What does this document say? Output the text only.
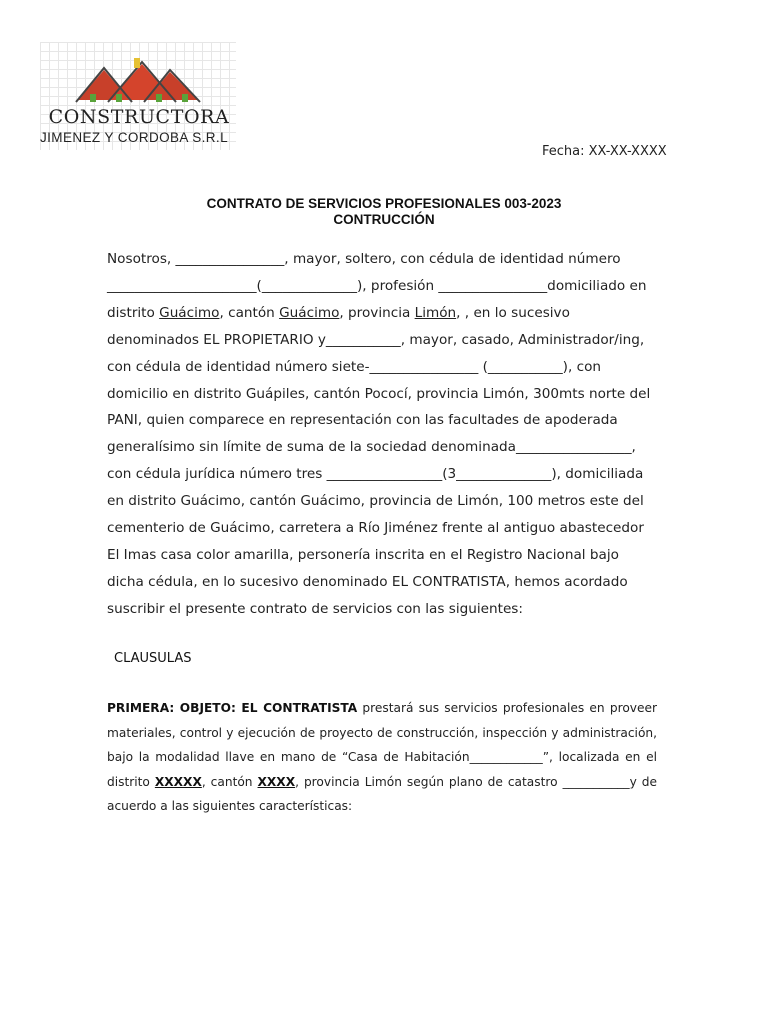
CONSTRUCTORA
JIMENEZ Y CORDOBA S.R.L
Fecha: XX-XX-XXXX
CONTRATO DE SERVICIOS PROFESIONALES 003-2023
CONTRUCCIÓN
Nosotros, ________________, mayor, soltero, con cédula de identidad número ______________________(______________), profesión ________________domiciliado en distrito Guácimo, cantón Guácimo, provincia Limón, , en lo sucesivo denominados EL PROPIETARIO y___________, mayor, casado, Administrador/ing, con cédula de identidad número siete-________________ (___________), con domicilio en distrito Guápiles, cantón Pococí, provincia Limón, 300mts norte del PANI, quien comparece en representación con las facultades de apoderada generalísimo sin límite de suma de la sociedad denominada_________________, con cédula jurídica número tres _________________(3______________), domiciliada en distrito Guácimo, cantón Guácimo, provincia de Limón, 100 metros este del cementerio de Guácimo, carretera a Río Jiménez frente al antiguo abastecedor El Imas casa color amarilla, personería inscrita en el Registro Nacional bajo dicha cédula, en lo sucesivo denominado EL CONTRATISTA, hemos acordado suscribir el presente contrato de servicios con las siguientes:
CLAUSULAS
PRIMERA: OBJETO: EL CONTRATISTA prestará sus servicios profesionales en proveer materiales, control y ejecución de proyecto de construcción, inspección y administración, bajo la modalidad llave en mano de “Casa de Habitación____________”, localizada en el distrito XXXXX, cantón XXXX, provincia Limón según plano de catastro ___________y de acuerdo a las siguientes características:
